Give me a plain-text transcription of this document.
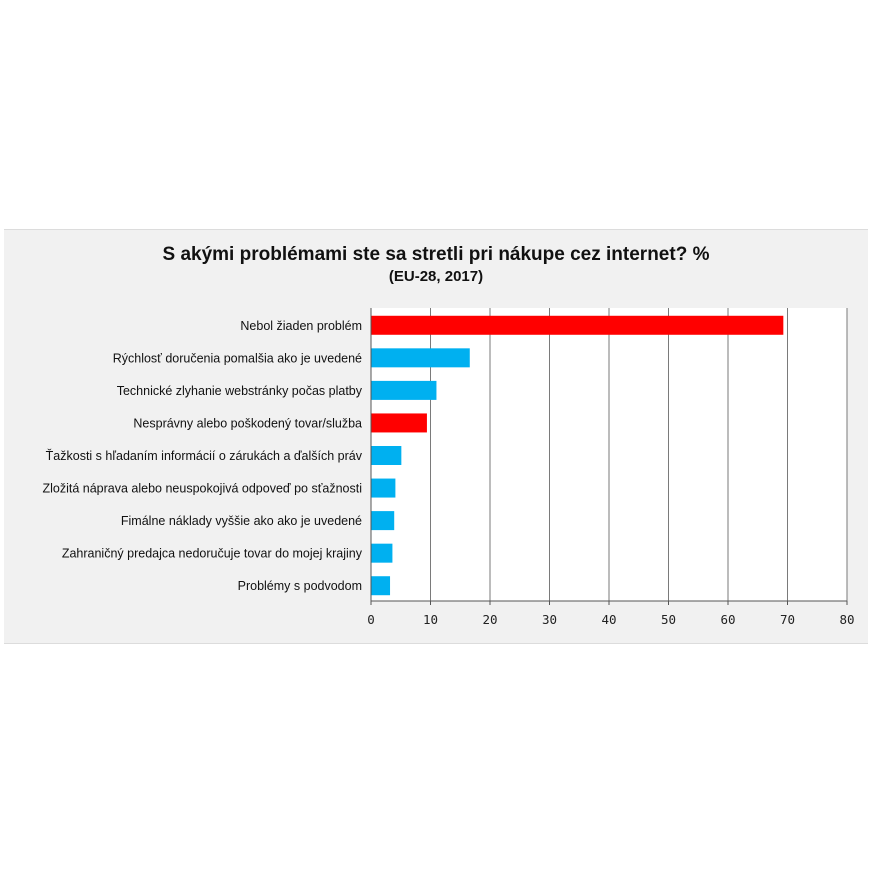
S akými problémami ste sa stretli pri nákupe cez internet? %
(EU-28, 2017)
Nebol žiaden problém
Rýchlosť doručenia pomalšia ako je uvedené
Technické zlyhanie webstránky počas platby
Nesprávny alebo poškodený tovar/služba
Ťažkosti s hľadaním informácií o zárukách a ďalších práv
Zložitá náprava alebo neuspokojivá odpoveď po sťažnosti
Fimálne náklady vyššie ako ako je uvedené
Zahraničný predajca nedoručuje tovar do mojej krajiny
Problémy s podvodom
0	10	20	30	40	50	60	70	80
